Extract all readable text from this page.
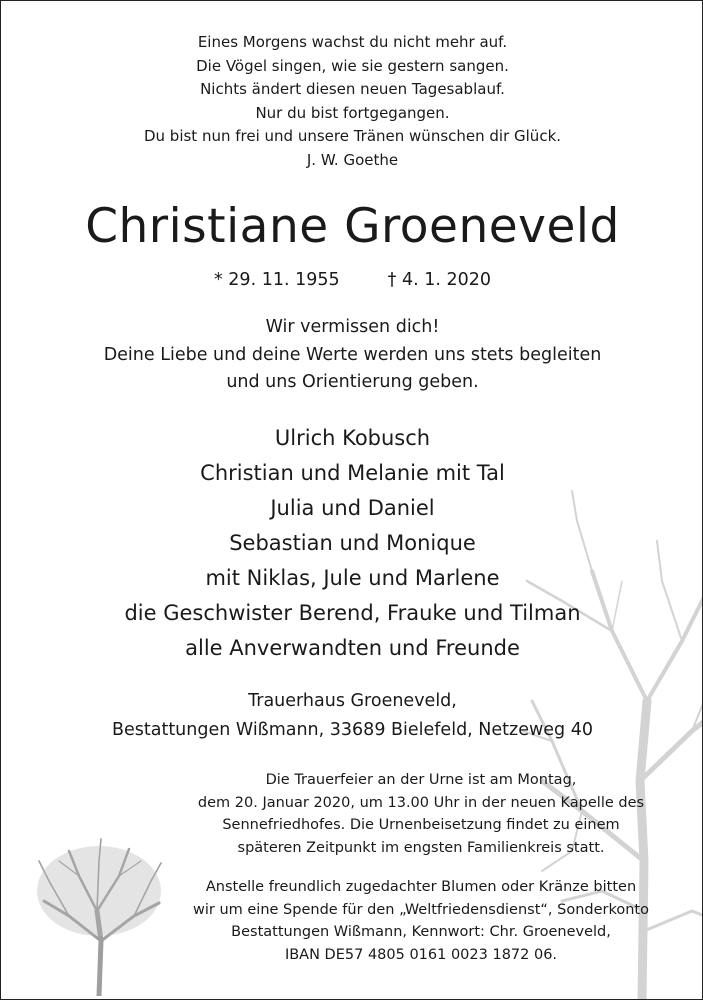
Eines Morgens wachst du nicht mehr auf.
Die Vögel singen, wie sie gestern sangen.
Nichts ändert diesen neuen Tagesablauf.
Nur du bist fortgegangen.
Du bist nun frei und unsere Tränen wünschen dir Glück.
J. W. Goethe
Christiane Groeneveld
* 29. 11. 1955	† 4. 1. 2020
Wir vermissen dich!
Deine Liebe und deine Werte werden uns stets begleiten
und uns Orientierung geben.
Ulrich Kobusch
Christian und Melanie mit Tal
Julia und Daniel
Sebastian und Monique
mit Niklas, Jule und Marlene
die Geschwister Berend, Frauke und Tilman
alle Anverwandten und Freunde
Trauerhaus Groeneveld,
Bestattungen Wißmann, 33689 Bielefeld, Netzeweg 40
Die Trauerfeier an der Urne ist am Montag,
dem 20. Januar 2020, um 13.00 Uhr in der neuen Kapelle des
Sennefriedhofes. Die Urnenbeisetzung findet zu einem
späteren Zeitpunkt im engsten Familienkreis statt.
Anstelle freundlich zugedachter Blumen oder Kränze bitten
wir um eine Spende für den „Weltfriedensdienst“, Sonderkonto
Bestattungen Wißmann, Kennwort: Chr. Groeneveld,
IBAN DE57 4805 0161 0023 1872 06.
